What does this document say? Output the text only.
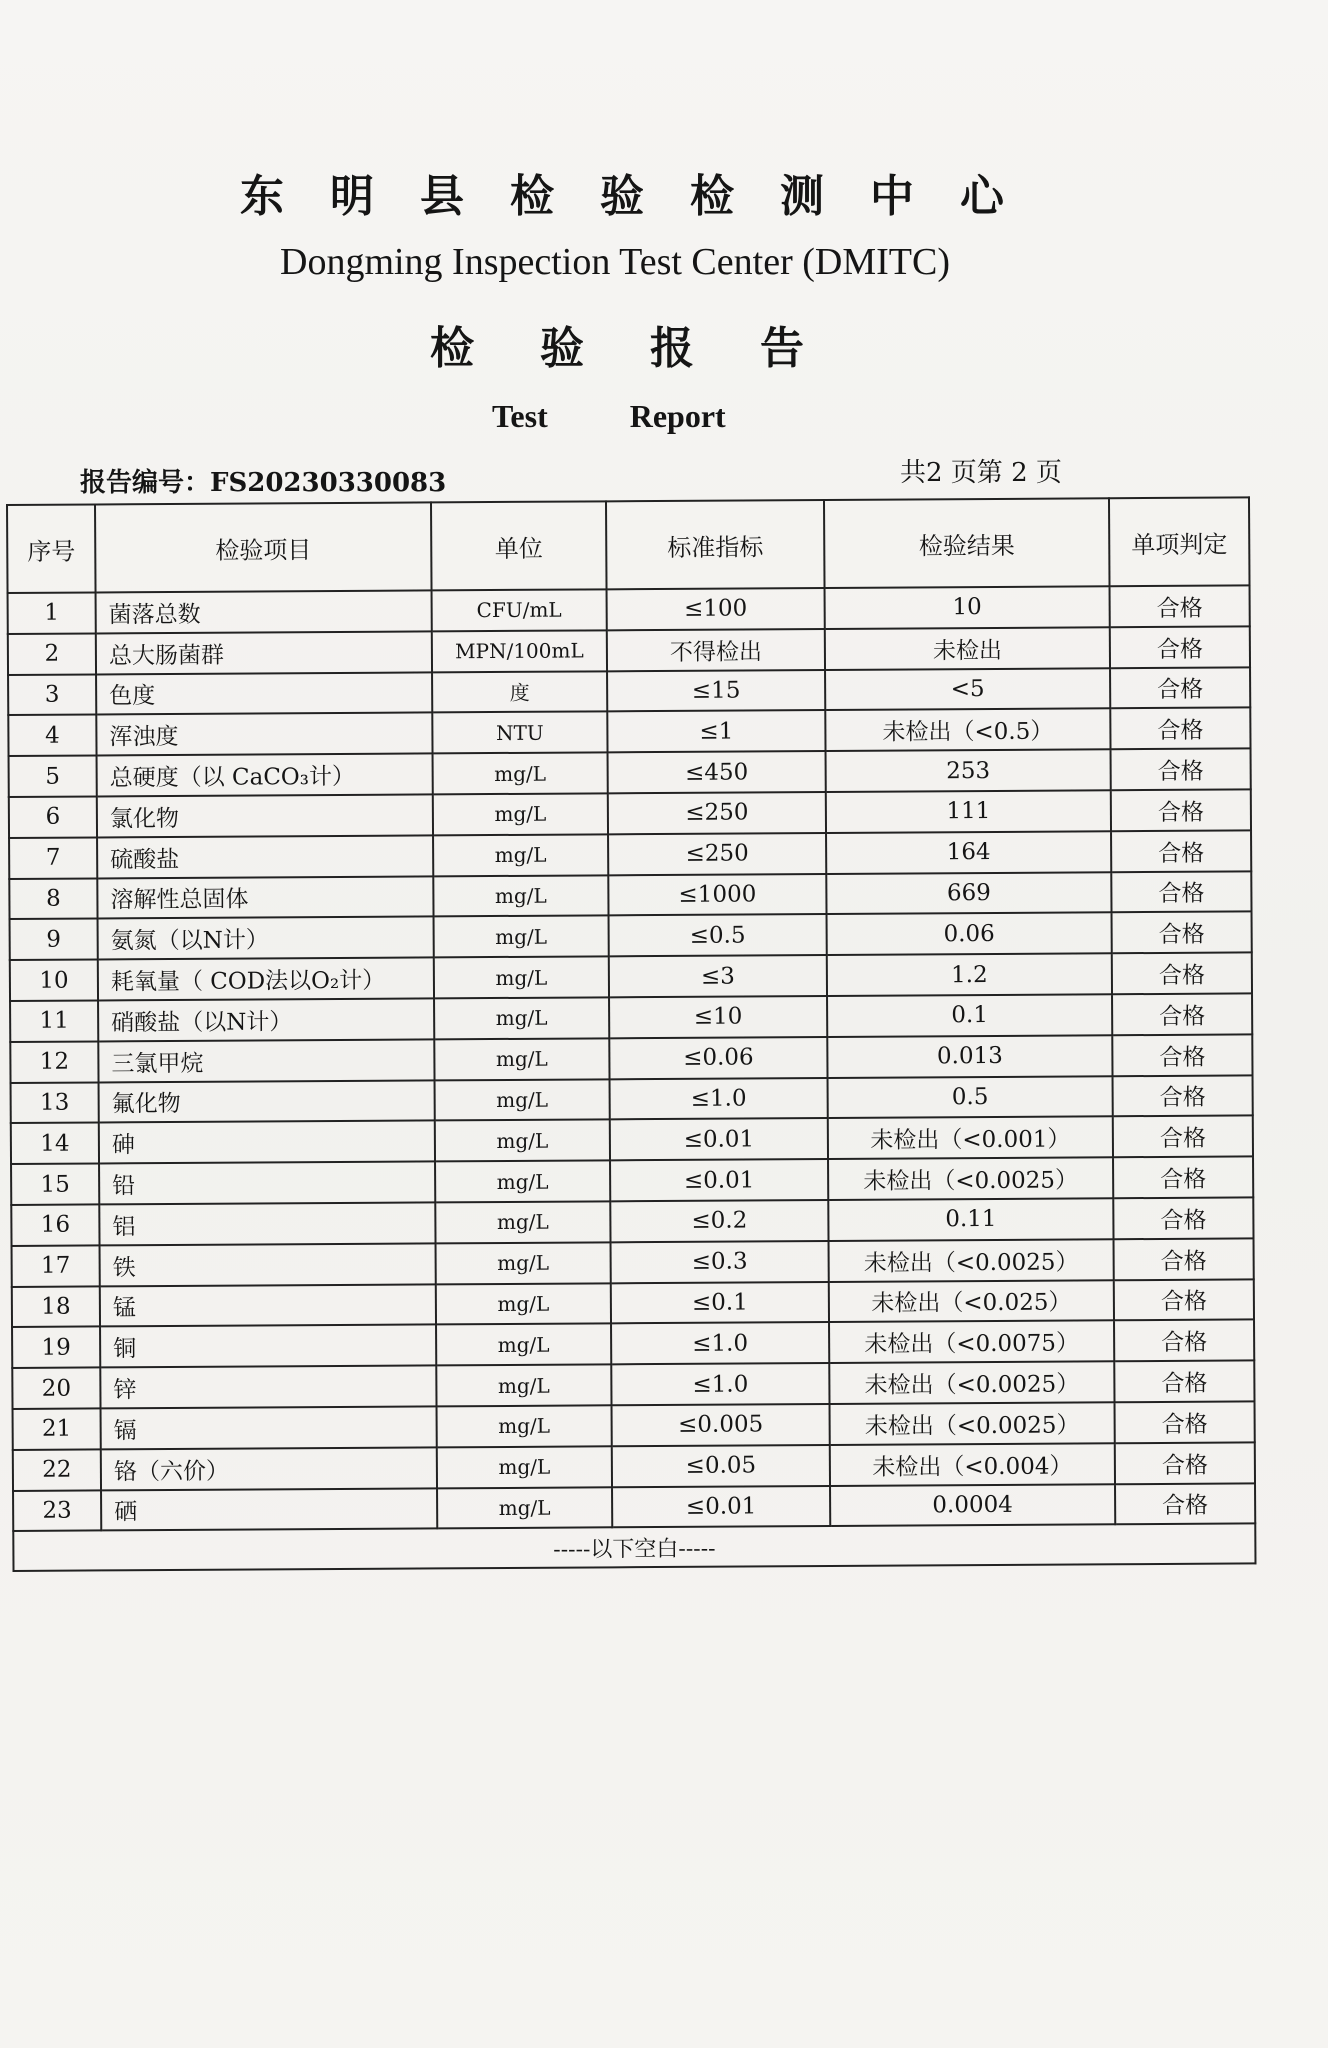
东明县检验检测中心
Dongming Inspection Test Center (DMITC)
检验报告
Test	Report
报告编号：FS20230330083	共2 页第 2 页
序号	检验项目	单位	标准指标	检验结果	单项判定
1	菌落总数	CFU/mL	≤100	10	合格
2	总大肠菌群	MPN/100mL	不得检出	未检出	合格
3	色度	度	≤15	<5	合格
4	浑浊度	NTU	≤1	未检出（<0.5）	合格
5	总硬度（以 CaCO₃计）	mg/L	≤450	253	合格
6	氯化物	mg/L	≤250	111	合格
7	硫酸盐	mg/L	≤250	164	合格
8	溶解性总固体	mg/L	≤1000	669	合格
9	氨氮（以N计）	mg/L	≤0.5	0.06	合格
10	耗氧量（ COD法以O₂计）	mg/L	≤3	1.2	合格
11	硝酸盐（以N计）	mg/L	≤10	0.1	合格
12	三氯甲烷	mg/L	≤0.06	0.013	合格
13	氟化物	mg/L	≤1.0	0.5	合格
14	砷	mg/L	≤0.01	未检出（<0.001）	合格
15	铅	mg/L	≤0.01	未检出（<0.0025）	合格
16	铝	mg/L	≤0.2	0.11	合格
17	铁	mg/L	≤0.3	未检出（<0.0025）	合格
18	锰	mg/L	≤0.1	未检出（<0.025）	合格
19	铜	mg/L	≤1.0	未检出（<0.0075）	合格
20	锌	mg/L	≤1.0	未检出（<0.0025）	合格
21	镉	mg/L	≤0.005	未检出（<0.0025）	合格
22	铬（六价）	mg/L	≤0.05	未检出（<0.004）	合格
23	硒	mg/L	≤0.01	0.0004	合格
-----以下空白-----					
